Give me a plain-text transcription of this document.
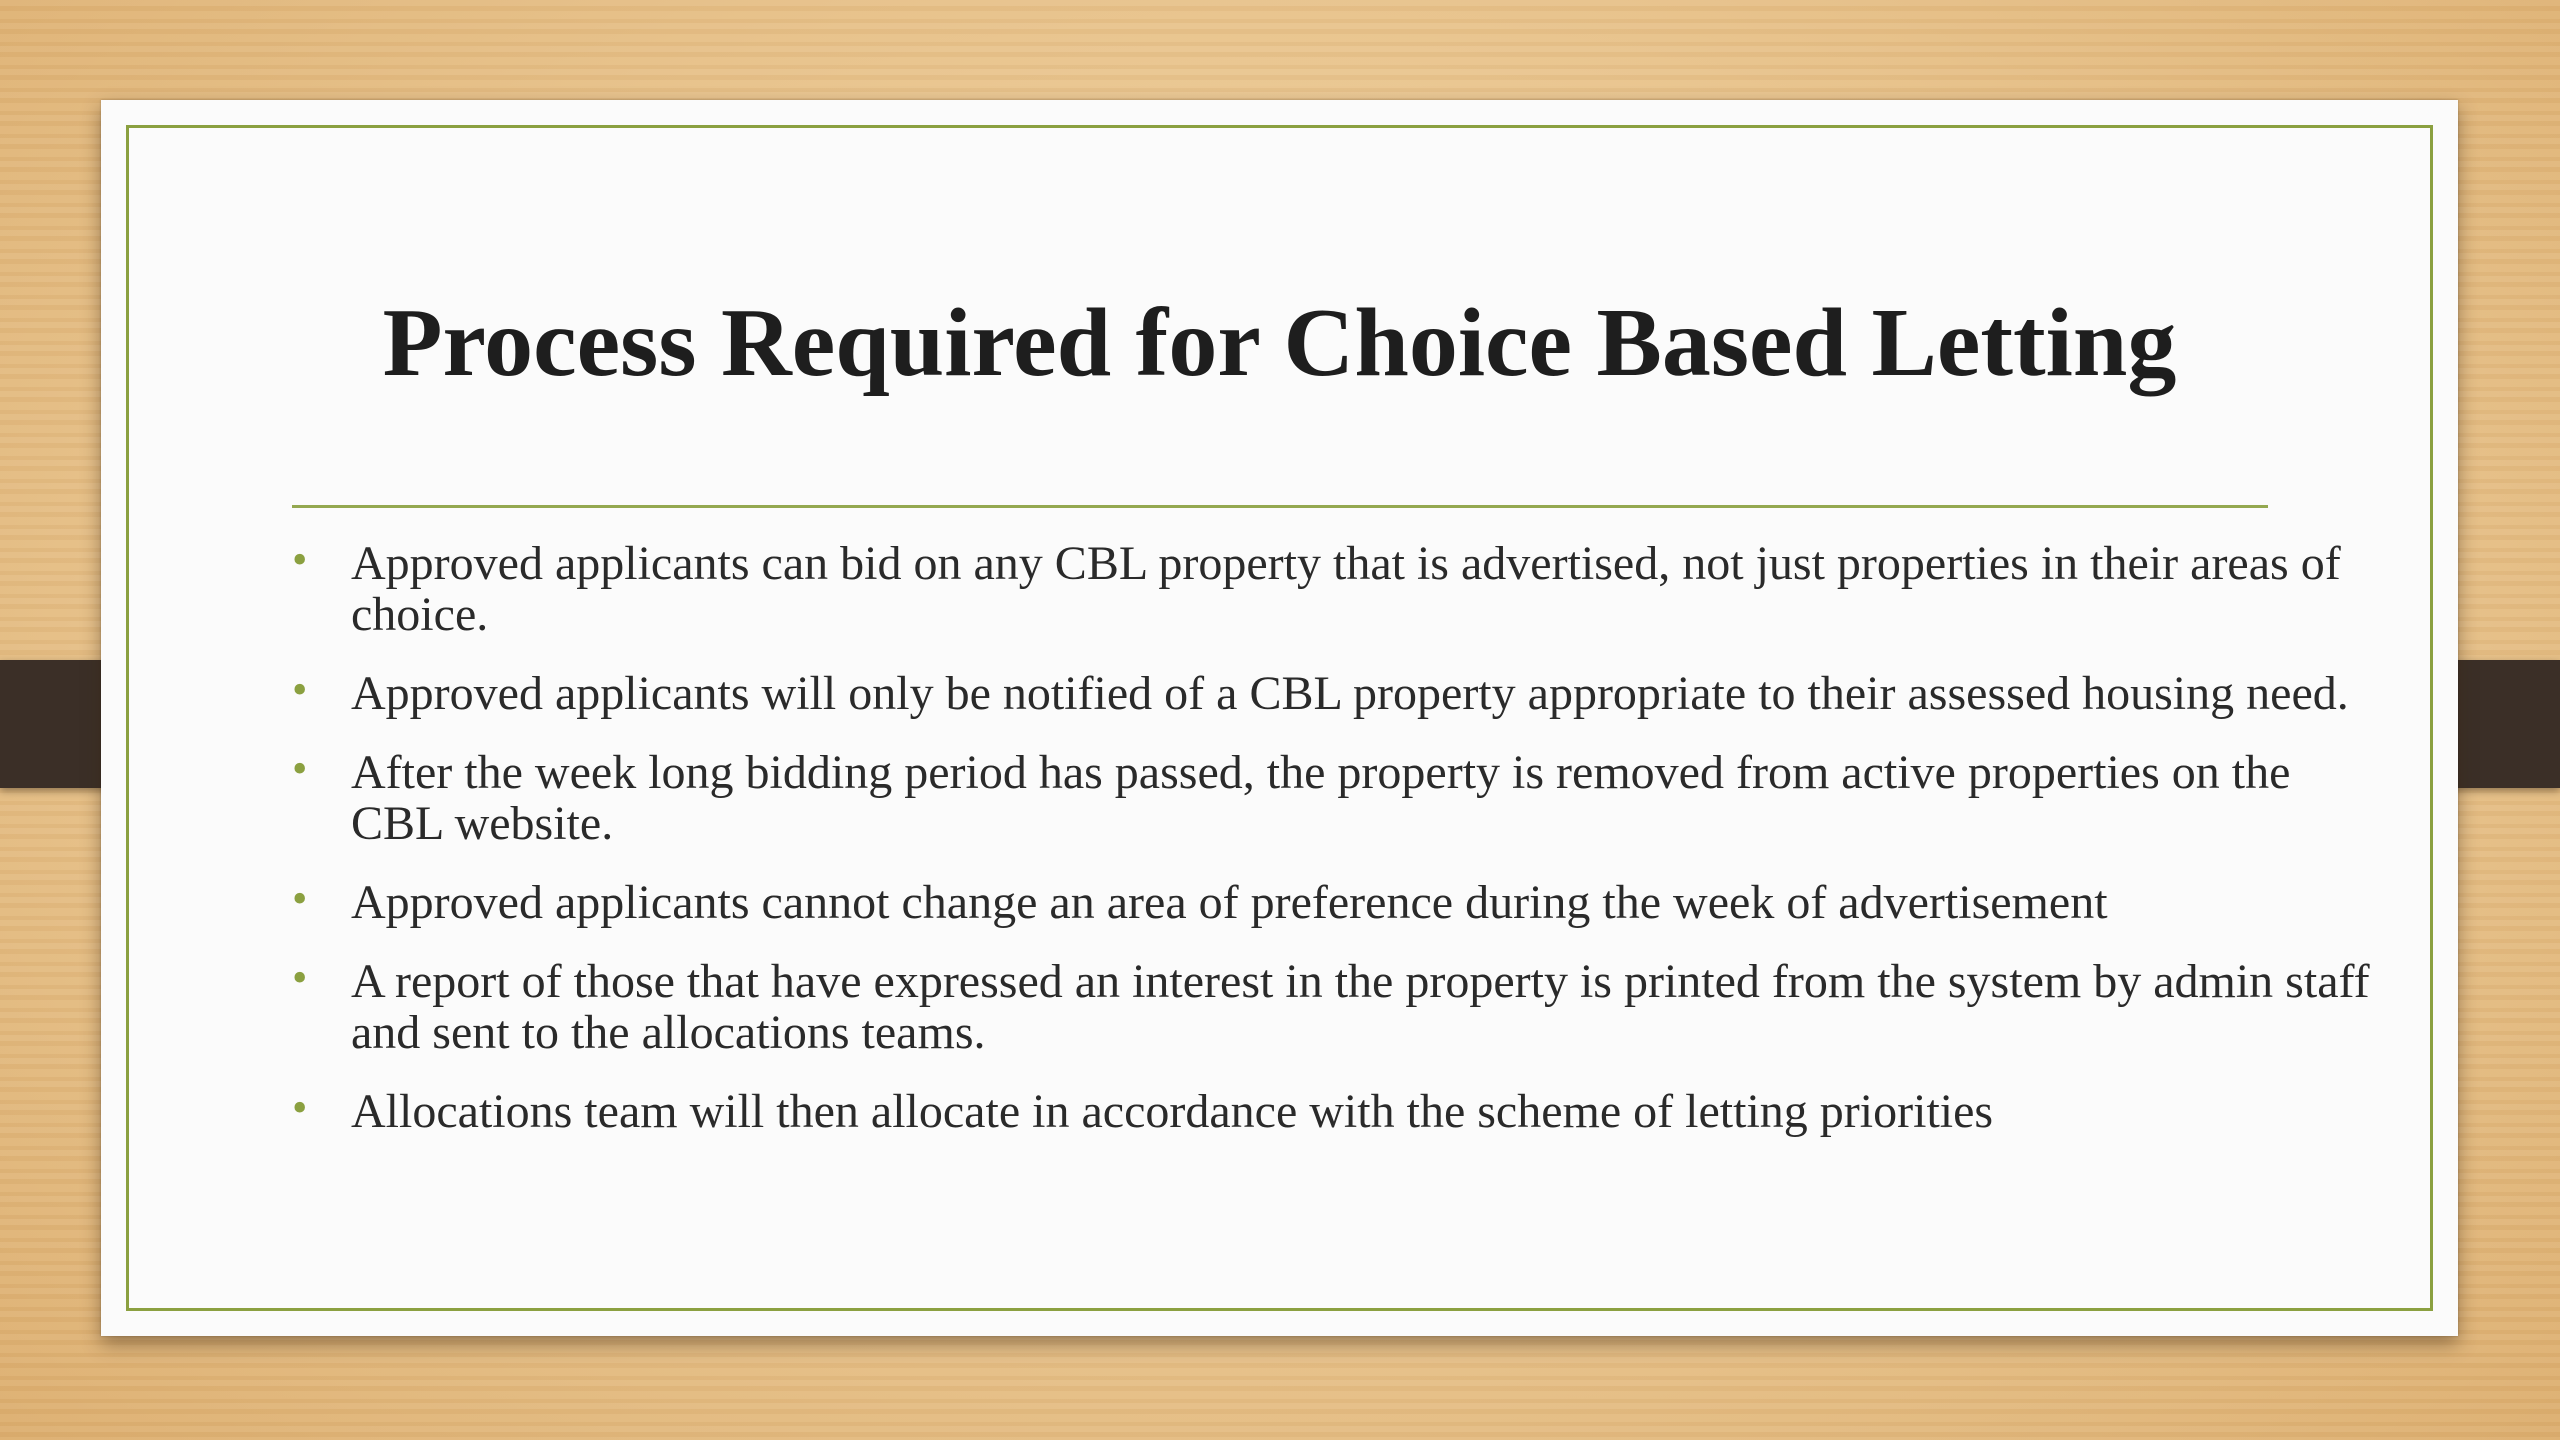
Process Required for Choice Based Letting
• Approved applicants can bid on any CBL property that is advertised, not just properties in their areas of choice.
• Approved applicants will only be notified of a CBL property appropriate to their assessed housing need.
• After the week long bidding period has passed, the property is removed from active properties on the CBL website.
• Approved applicants cannot change an area of preference during the week of advertisement
• A report of those that have expressed an interest in the property is printed from the system by admin staff and sent to the allocations teams.
• Allocations team will then allocate in accordance with the scheme of letting priorities
